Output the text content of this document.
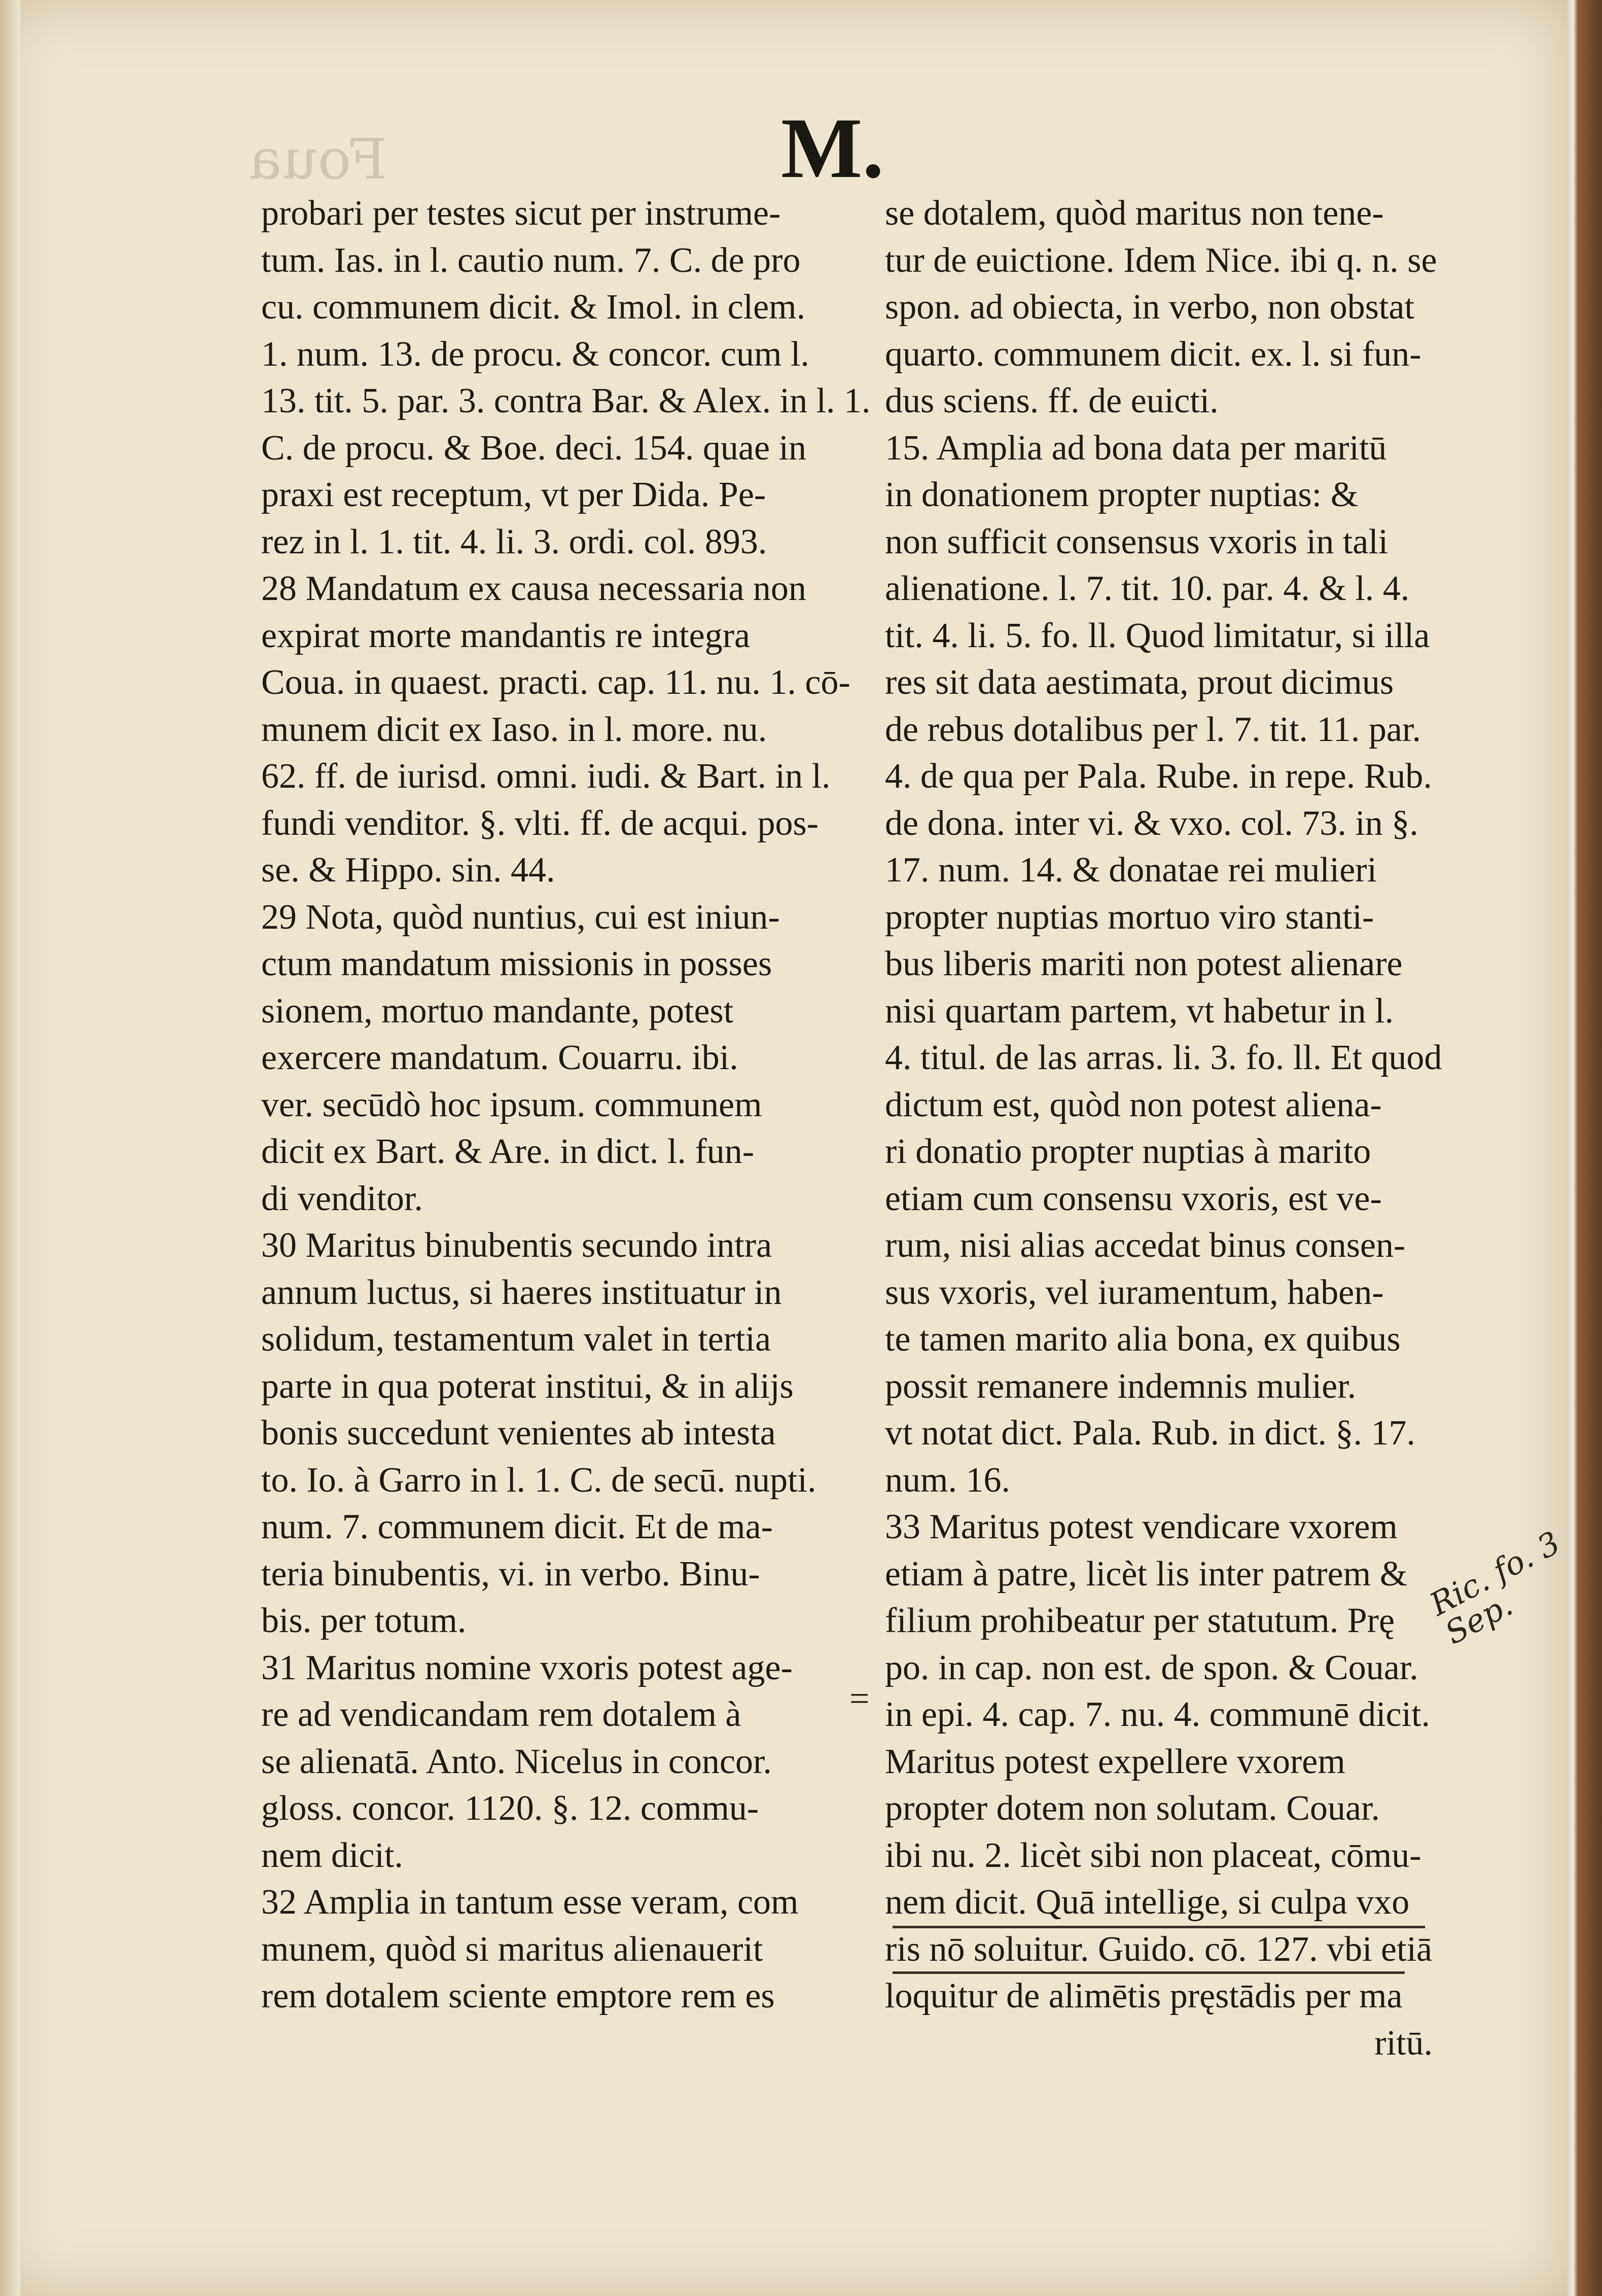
Foua	M.
probari per testes sicut per instrume-
tum. Ias. in l. cautio num. 7. C. de pro
cu. communem dicit. & Imol. in clem.
1. num. 13. de procu. & concor. cum l.
13. tit. 5. par. 3. contra Bar. & Alex. in l. 1.
C. de procu. & Boe. deci. 154. quae in
praxi est receptum, vt per Dida. Pe-
rez in l. 1. tit. 4. li. 3. ordi. col. 893.
28 Mandatum ex causa necessaria non
expirat morte mandantis re integra
Coua. in quaest. practi. cap. 11. nu. 1. cō-
munem dicit ex Iaso. in l. more. nu.
62. ff. de iurisd. omni. iudi. & Bart. in l.
fundi venditor. §. vlti. ff. de acqui. pos-
se. & Hippo. sin. 44.
29 Nota, quòd nuntius, cui est iniun-
ctum mandatum missionis in posses
sionem, mortuo mandante, potest
exercere mandatum. Couarru. ibi.
ver. secūdò hoc ipsum. communem
dicit ex Bart. & Are. in dict. l. fun-
di venditor.
30 Maritus binubentis secundo intra
annum luctus, si haeres instituatur in
solidum, testamentum valet in tertia
parte in qua poterat institui, & in alijs
bonis succedunt venientes ab intesta
to. Io. à Garro in l. 1. C. de secū. nupti.
num. 7. communem dicit. Et de ma-
teria binubentis, vi. in verbo. Binu-
bis. per totum.
31 Maritus nomine vxoris potest age-
re ad vendicandam rem dotalem à
se alienatā. Anto. Nicelus in concor.
gloss. concor. 1120. §. 12. commu-
nem dicit.
32 Amplia in tantum esse veram, com
munem, quòd si maritus alienauerit
rem dotalem sciente emptore rem es
se dotalem, quòd maritus non tene-
tur de euictione. Idem Nice. ibi q. n. se
spon. ad obiecta, in verbo, non obstat
quarto. communem dicit. ex. l. si fun-
dus sciens. ff. de euicti.
15. Amplia ad bona data per maritū
in donationem propter nuptias: &
non sufficit consensus vxoris in tali
alienatione. l. 7. tit. 10. par. 4. & l. 4.
tit. 4. li. 5. fo. ll. Quod limitatur, si illa
res sit data aestimata, prout dicimus
de rebus dotalibus per l. 7. tit. 11. par.
4. de qua per Pala. Rube. in repe. Rub.
de dona. inter vi. & vxo. col. 73. in §.
17. num. 14. & donatae rei mulieri
propter nuptias mortuo viro stanti-
bus liberis mariti non potest alienare
nisi quartam partem, vt habetur in l.
4. titul. de las arras. li. 3. fo. ll. Et quod
dictum est, quòd non potest aliena-
ri donatio propter nuptias à marito
etiam cum consensu vxoris, est ve-
rum, nisi alias accedat binus consen-
sus vxoris, vel iuramentum, haben-
te tamen marito alia bona, ex quibus
possit remanere indemnis mulier.
vt notat dict. Pala. Rub. in dict. §. 17.
num. 16.
33 Maritus potest vendicare vxorem
etiam à patre, licèt lis inter patrem &
filium prohibeatur per statutum. Prę
po. in cap. non est. de spon. & Couar.
in epi. 4. cap. 7. nu. 4. communē dicit.
Maritus potest expellere vxorem
propter dotem non solutam. Couar.
ibi nu. 2. licèt sibi non placeat, cōmu-
nem dicit. Quā intellige, si culpa vxo
ris nō soluitur. Guido. cō. 127. vbi etiā
loquitur de alimētis pręstādis per ma
ritū.
=
Ric. fo. 3 Sep.
